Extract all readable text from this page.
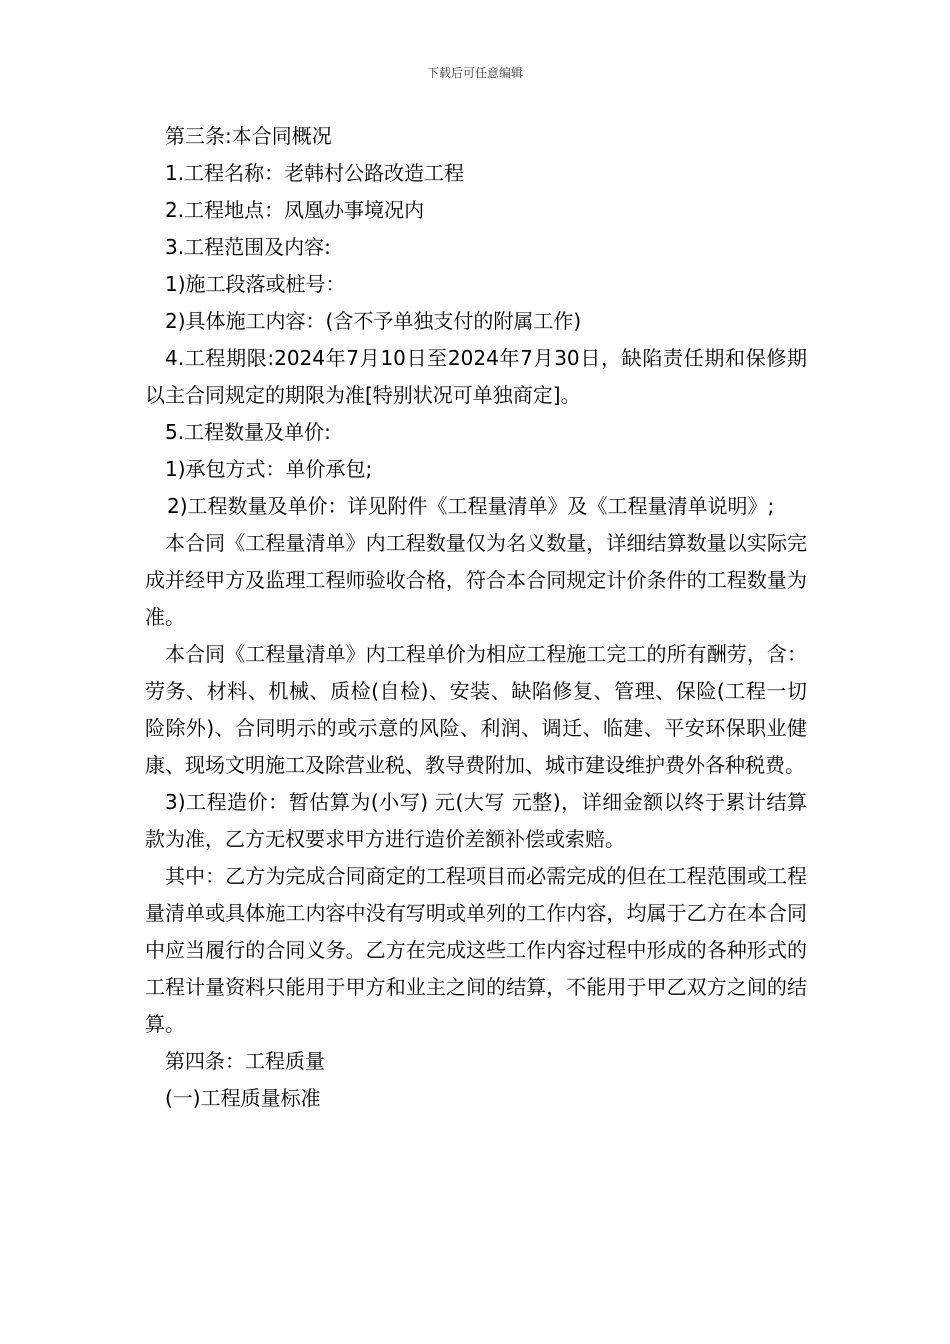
下载后可任意编辑

第三条:本合同概况

1.工程名称：老韩村公路改造工程

2.工程地点：凤凰办事境况内

3.工程范围及内容:

1)施工段落或桩号：

2)具体施工内容：(含不予单独支付的附属工作)

4.工程期限:2024年7月10日至2024年7月30日，缺陷责任期和保修期以主合同规定的期限为准[特别状况可单独商定]。

5.工程数量及单价:

1)承包方式：单价承包;

2)工程数量及单价：详见附件《工程量清单》及《工程量清单说明》;

本合同《工程量清单》内工程数量仅为名义数量，详细结算数量以实际完成并经甲方及监理工程师验收合格，符合本合同规定计价条件的工程数量为准。

本合同《工程量清单》内工程单价为相应工程施工完工的所有酬劳，含：劳务、材料、机械、质检(自检)、安装、缺陷修复、管理、保险(工程一切险除外)、合同明示的或示意的风险、利润、调迁、临建、平安环保职业健康、现场文明施工及除营业税、教导费附加、城市建设维护费外各种税费。

3)工程造价：暂估算为(小写) 元(大写 元整)，详细金额以终于累计结算款为准，乙方无权要求甲方进行造价差额补偿或索赔。

其中：乙方为完成合同商定的工程项目而必需完成的但在工程范围或工程量清单或具体施工内容中没有写明或单列的工作内容，均属于乙方在本合同中应当履行的合同义务。乙方在完成这些工作内容过程中形成的各种形式的工程计量资料只能用于甲方和业主之间的结算，不能用于甲乙双方之间的结算。

第四条：工程质量

(一)工程质量标准
